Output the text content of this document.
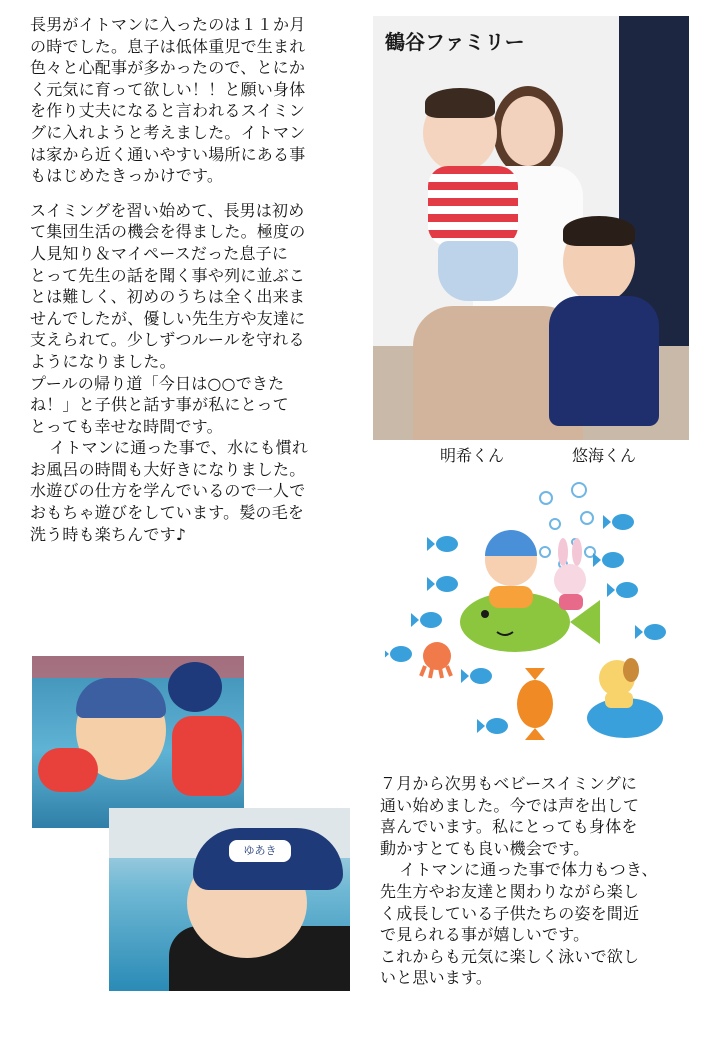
長男がイトマンに入ったのは１１か月

の時でした。息子は低体重児で生まれ

色々と心配事が多かったので、とにか

く元気に育って欲しい！！と願い身体

を作り丈夫になると言われるスイミン

グに入れようと考えました。イトマン

は家から近く通いやすい場所にある事

もはじめたきっかけです。

スイミングを習い始めて、長男は初め

て集団生活の機会を得ました。極度の

人見知り＆マイペースだった息子に

とって先生の話を聞く事や列に並ぶこ

とは難しく、初めのうちは全く出来ま

せんでしたが、優しい先生方や友達に

支えられて。少しずつルールを守れる

ようになりました。

プールの帰り道「今日は○○できた

ね！」と子供と話す事が私にとって

とっても幸せな時間です。

イトマンに通った事で、水にも慣れ

お風呂の時間も大好きになりました。

水遊びの仕方を学んでいるので一人で

おもちゃ遊びをしています。髪の毛を

洗う時も楽ちんです♪

鶴谷ファミリー
明希くん	悠海くん
ゆあき

７月から次男もベビースイミングに

通い始めました。今では声を出して

喜んでいます。私にとっても身体を

動かすとても良い機会です。

イトマンに通った事で体力もつき、

先生方やお友達と関わりながら楽し

く成長している子供たちの姿を間近

で見られる事が嬉しいです。

これからも元気に楽しく泳いで欲し

いと思います。
